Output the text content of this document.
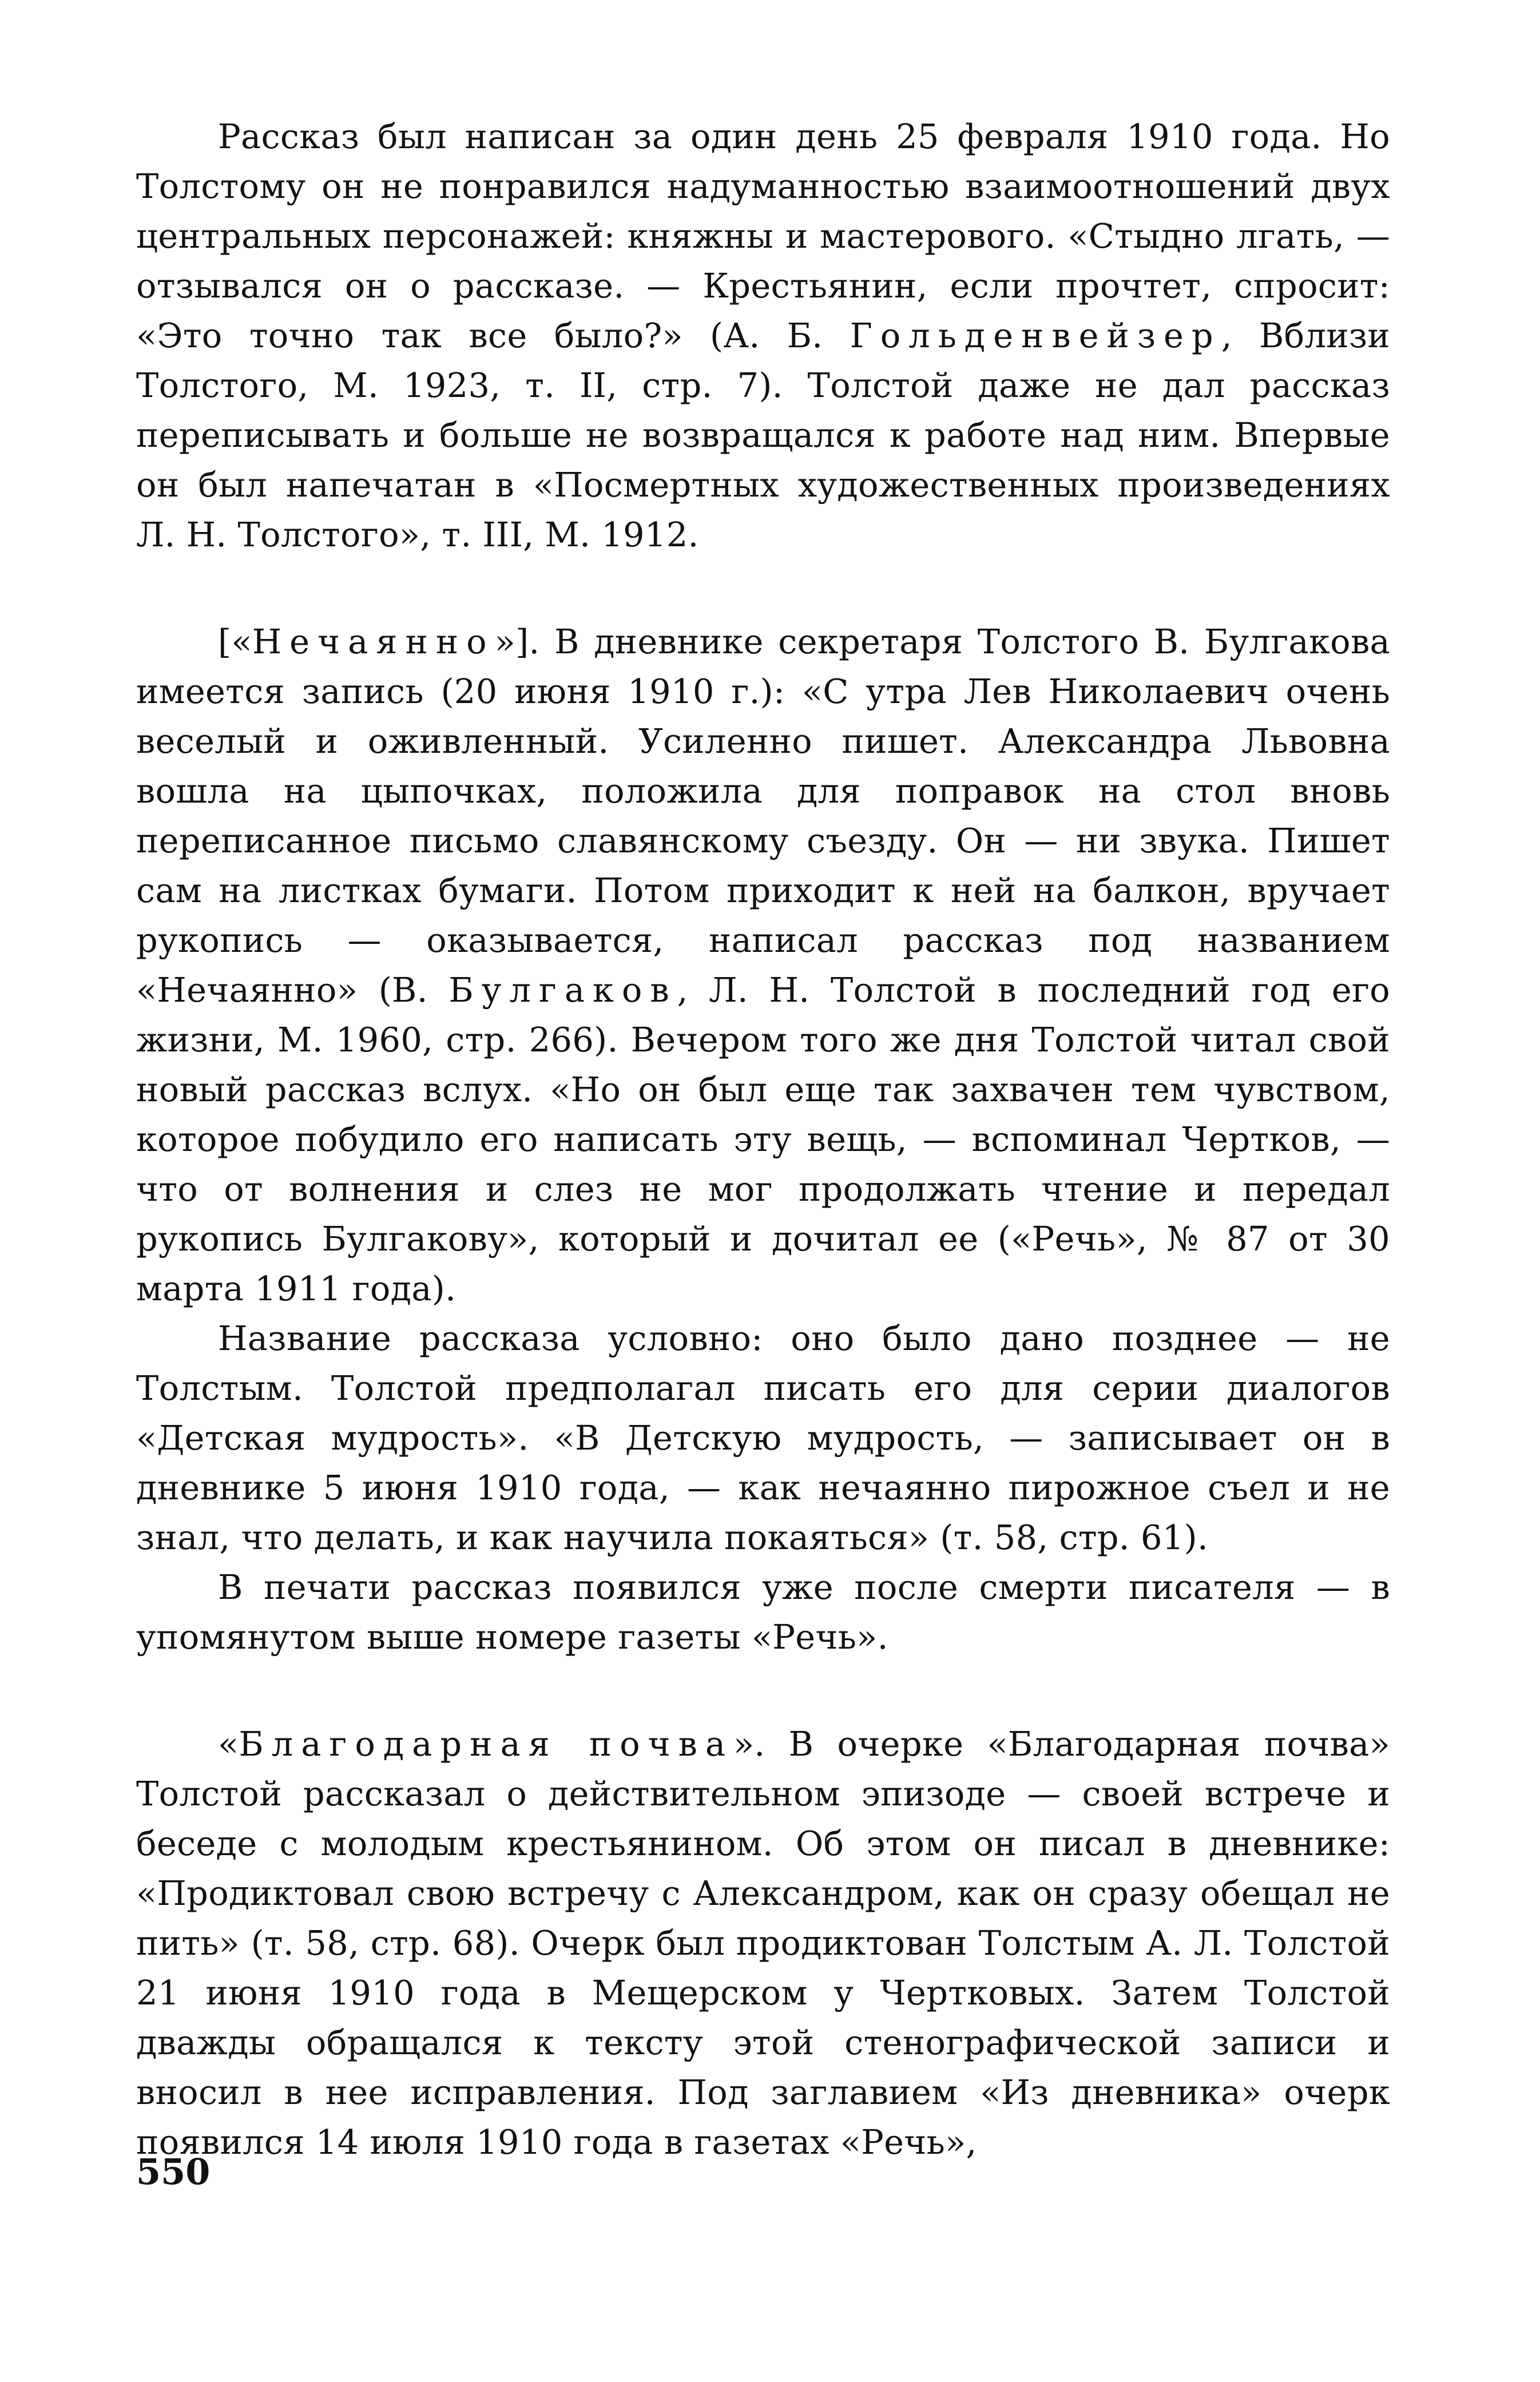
Рассказ был написан за один день 25 февраля 1910 года. Но Толстому он не понравился надуманностью взаимоотношений двух центральных персонажей: княжны и мастерового. «Стыдно лгать, — отзывался он о рассказе. — Крестьянин, если прочтет, спросит: «Это точно так все было?» (А. Б. Гольденвейзер, Вблизи Толстого, М. 1923, т. II, стр. 7). Толстой даже не дал рассказ переписывать и больше не возвращался к работе над ним. Впервые он был напечатан в «Посмертных художественных произведениях Л. Н. Толстого», т. III, М. 1912.

[«Нечаянно»]. В дневнике секретаря Толстого В. Булгакова имеется запись (20 июня 1910 г.): «С утра Лев Николаевич очень веселый и оживленный. Усиленно пишет. Александра Львовна вошла на цыпочках, положила для поправок на стол вновь переписанное письмо славянскому съезду. Он — ни звука. Пишет сам на листках бумаги. Потом приходит к ней на балкон, вручает рукопись — оказывается, написал рассказ под названием «Нечаянно» (В. Булгаков, Л. Н. Толстой в последний год его жизни, М. 1960, стр. 266). Вечером того же дня Толстой читал свой новый рассказ вслух. «Но он был еще так захвачен тем чувством, которое побудило его написать эту вещь, — вспоминал Чертков, — что от волнения и слез не мог продолжать чтение и передал рукопись Булгакову», который и дочитал ее («Речь», № 87 от 30 марта 1911 года).

Название рассказа условно: оно было дано позднее — не Толстым. Толстой предполагал писать его для серии диалогов «Детская мудрость». «В Детскую мудрость, — записывает он в дневнике 5 июня 1910 года, — как нечаянно пирожное съел и не знал, что делать, и как научила покаяться» (т. 58, стр. 61).

В печати рассказ появился уже после смерти писателя — в упомянутом выше номере газеты «Речь».

«Благодарная почва». В очерке «Благодарная почва» Толстой рассказал о действительном эпизоде — своей встрече и беседе с молодым крестьянином. Об этом он писал в дневнике: «Продиктовал свою встречу с Александром, как он сразу обещал не пить» (т. 58, стр. 68). Очерк был продиктован Толстым А. Л. Толстой 21 июня 1910 года в Мещерском у Чертковых. Затем Толстой дважды обращался к тексту этой стенографической записи и вносил в нее исправления. Под заглавием «Из дневника» очерк появился 14 июля 1910 года в газетах «Речь»,

550
